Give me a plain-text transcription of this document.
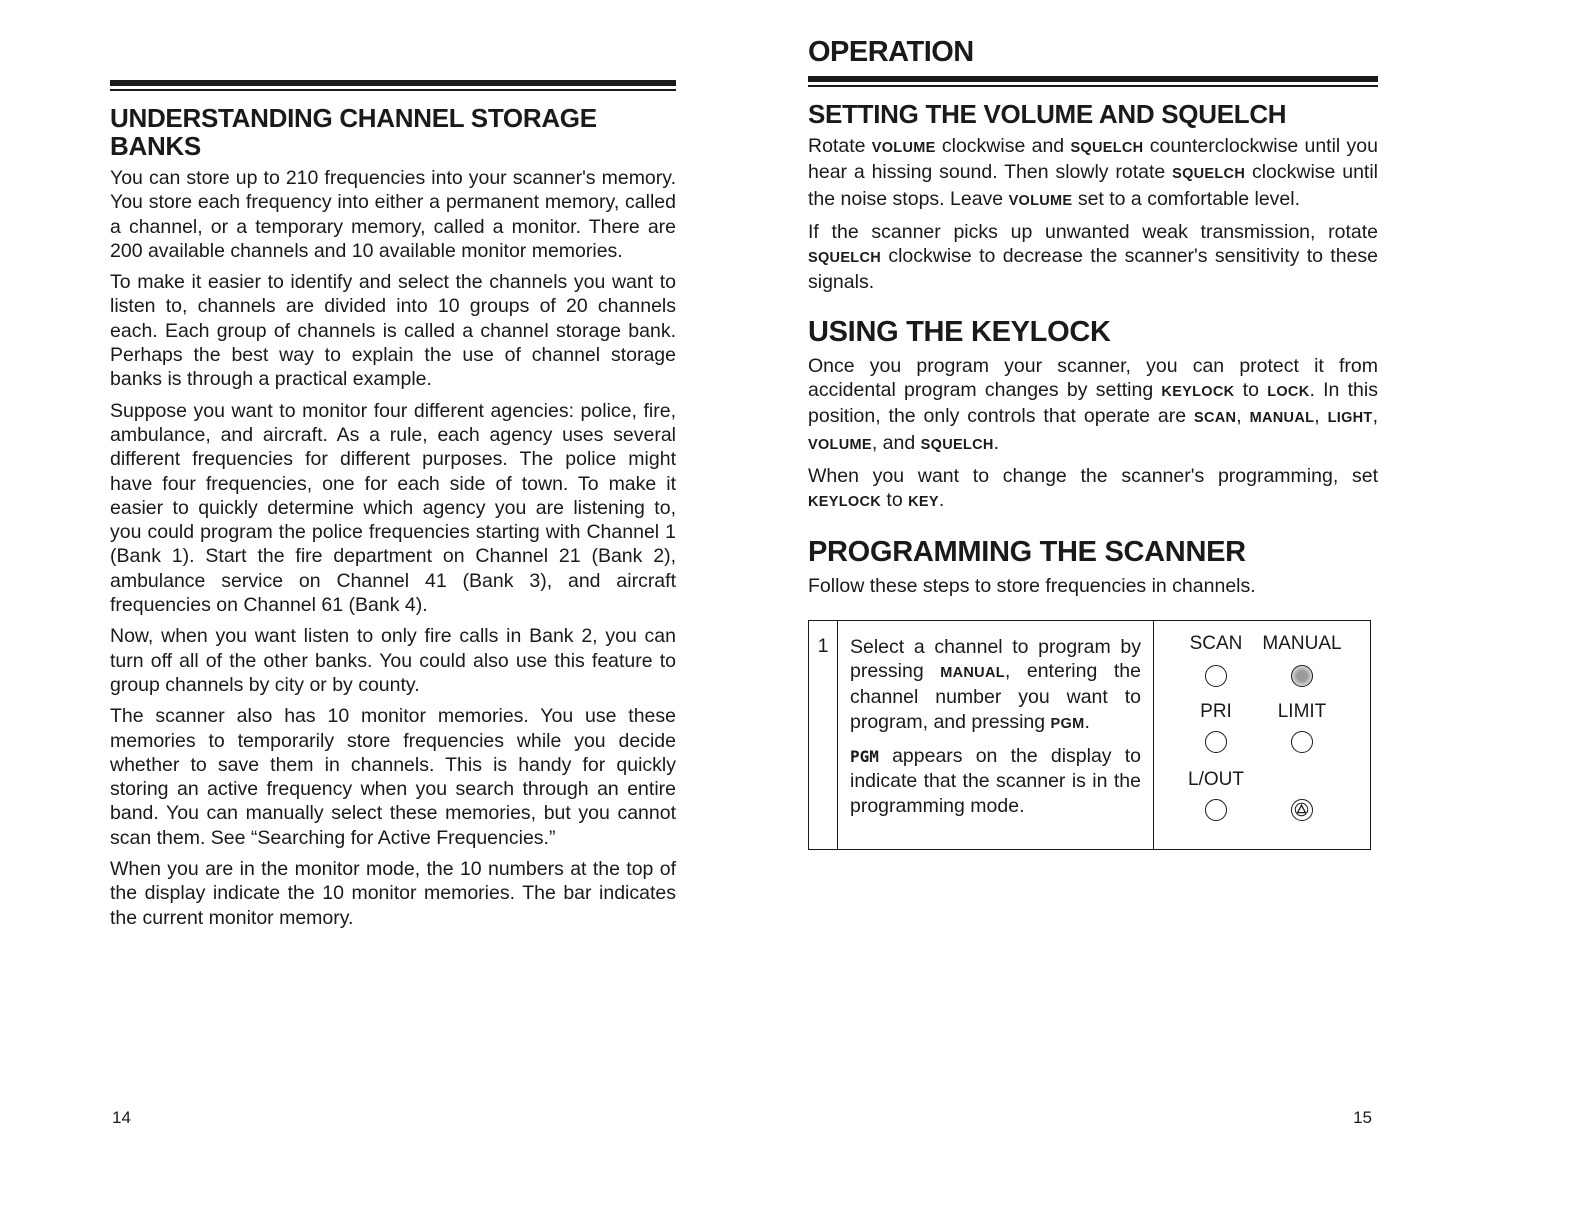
UNDERSTANDING CHANNEL STORAGE
BANKS

You can store up to 210 frequencies into your scanner's memory. You store each frequency into either a permanent memory, called a channel, or a temporary memory, called a monitor. There are 200 available channels and 10 available monitor memories.

To make it easier to identify and select the channels you want to listen to, channels are divided into 10 groups of 20 channels each. Each group of channels is called a channel storage bank. Perhaps the best way to explain the use of channel storage banks is through a practical example.

Suppose you want to monitor four different agencies: police, fire, ambulance, and aircraft. As a rule, each agency uses several different frequencies for different purposes. The police might have four frequencies, one for each side of town. To make it easier to quickly determine which agency you are listening to, you could program the police frequencies starting with Channel 1 (Bank 1). Start the fire department on Channel 21 (Bank 2), ambulance service on Channel 41 (Bank 3), and aircraft frequencies on Channel 61 (Bank 4).

Now, when you want listen to only fire calls in Bank 2, you can turn off all of the other banks. You could also use this feature to group channels by city or by county.

The scanner also has 10 monitor memories. You use these memories to temporarily store frequencies while you decide whether to save them in channels. This is handy for quickly storing an active frequency when you search through an entire band. You can manually select these memories, but you cannot scan them. See “Searching for Active Frequencies.”

When you are in the monitor mode, the 10 numbers at the top of the display indicate the 10 monitor memories. The bar indicates the current monitor memory.

14
OPERATION
SETTING THE VOLUME AND SQUELCH

Rotate VOLUME clockwise and SQUELCH counterclockwise until you hear a hissing sound. Then slowly rotate SQUELCH clockwise until the noise stops. Leave VOLUME set to a comfortable level.

If the scanner picks up unwanted weak transmission, rotate SQUELCH clockwise to decrease the scanner's sensitivity to these signals.

USING THE KEYLOCK

Once you program your scanner, you can protect it from accidental program changes by setting KEYLOCK to LOCK. In this position, the only controls that operate are SCAN, MANUAL, LIGHT, VOLUME, and SQUELCH.

When you want to change the scanner's programming, set KEYLOCK to KEY.

PROGRAMMING THE SCANNER

Follow these steps to store frequencies in channels.

1	Select a channel to program by pressing MANUAL, entering the channel number you want to program, and pressing PGM.

PGM appears on the display to indicate that the scanner is in the programming mode.

SCAN	MANUAL
PRI	LIMIT
L/OUT
15
